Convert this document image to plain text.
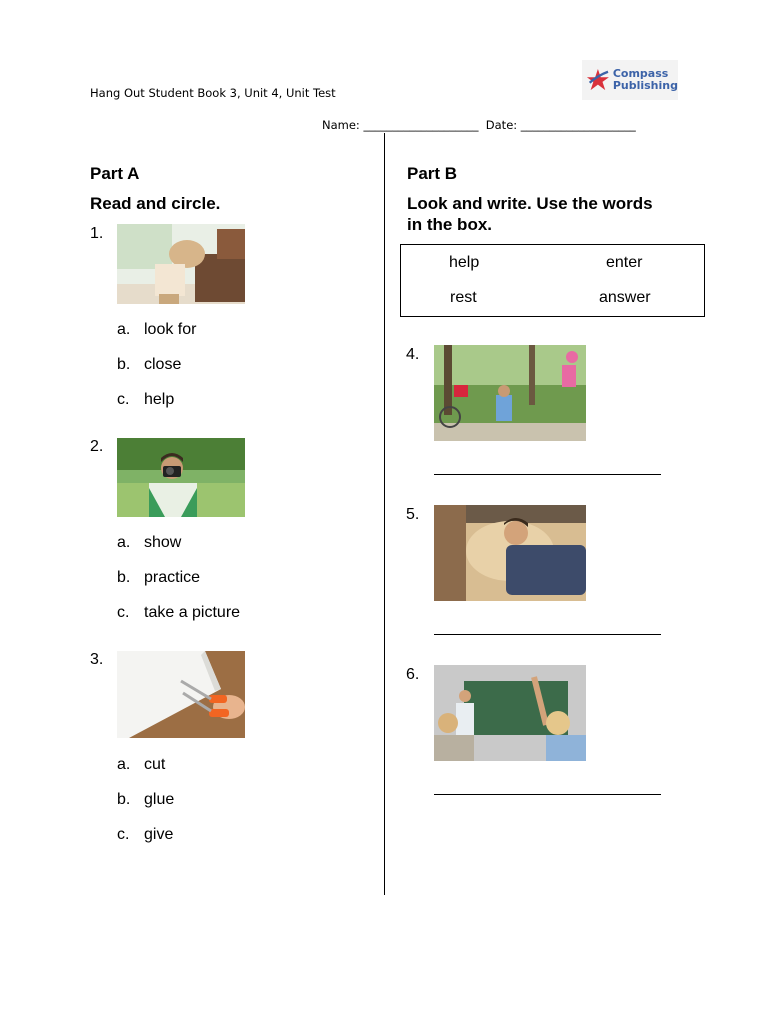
Hang Out Student Book 3, Unit 4, Unit Test
Compass
Publishing
Name: ____________________ Date: ____________________
Part A
Read and circle.
1.
a. look for
b. close
c. help
2.
a. show
b. practice
c. take a picture
3.
a. cut
b. glue
c. give
Part B
Look and write. Use the words
in the box.
help	enter
rest	answer
4.
5.
6.
